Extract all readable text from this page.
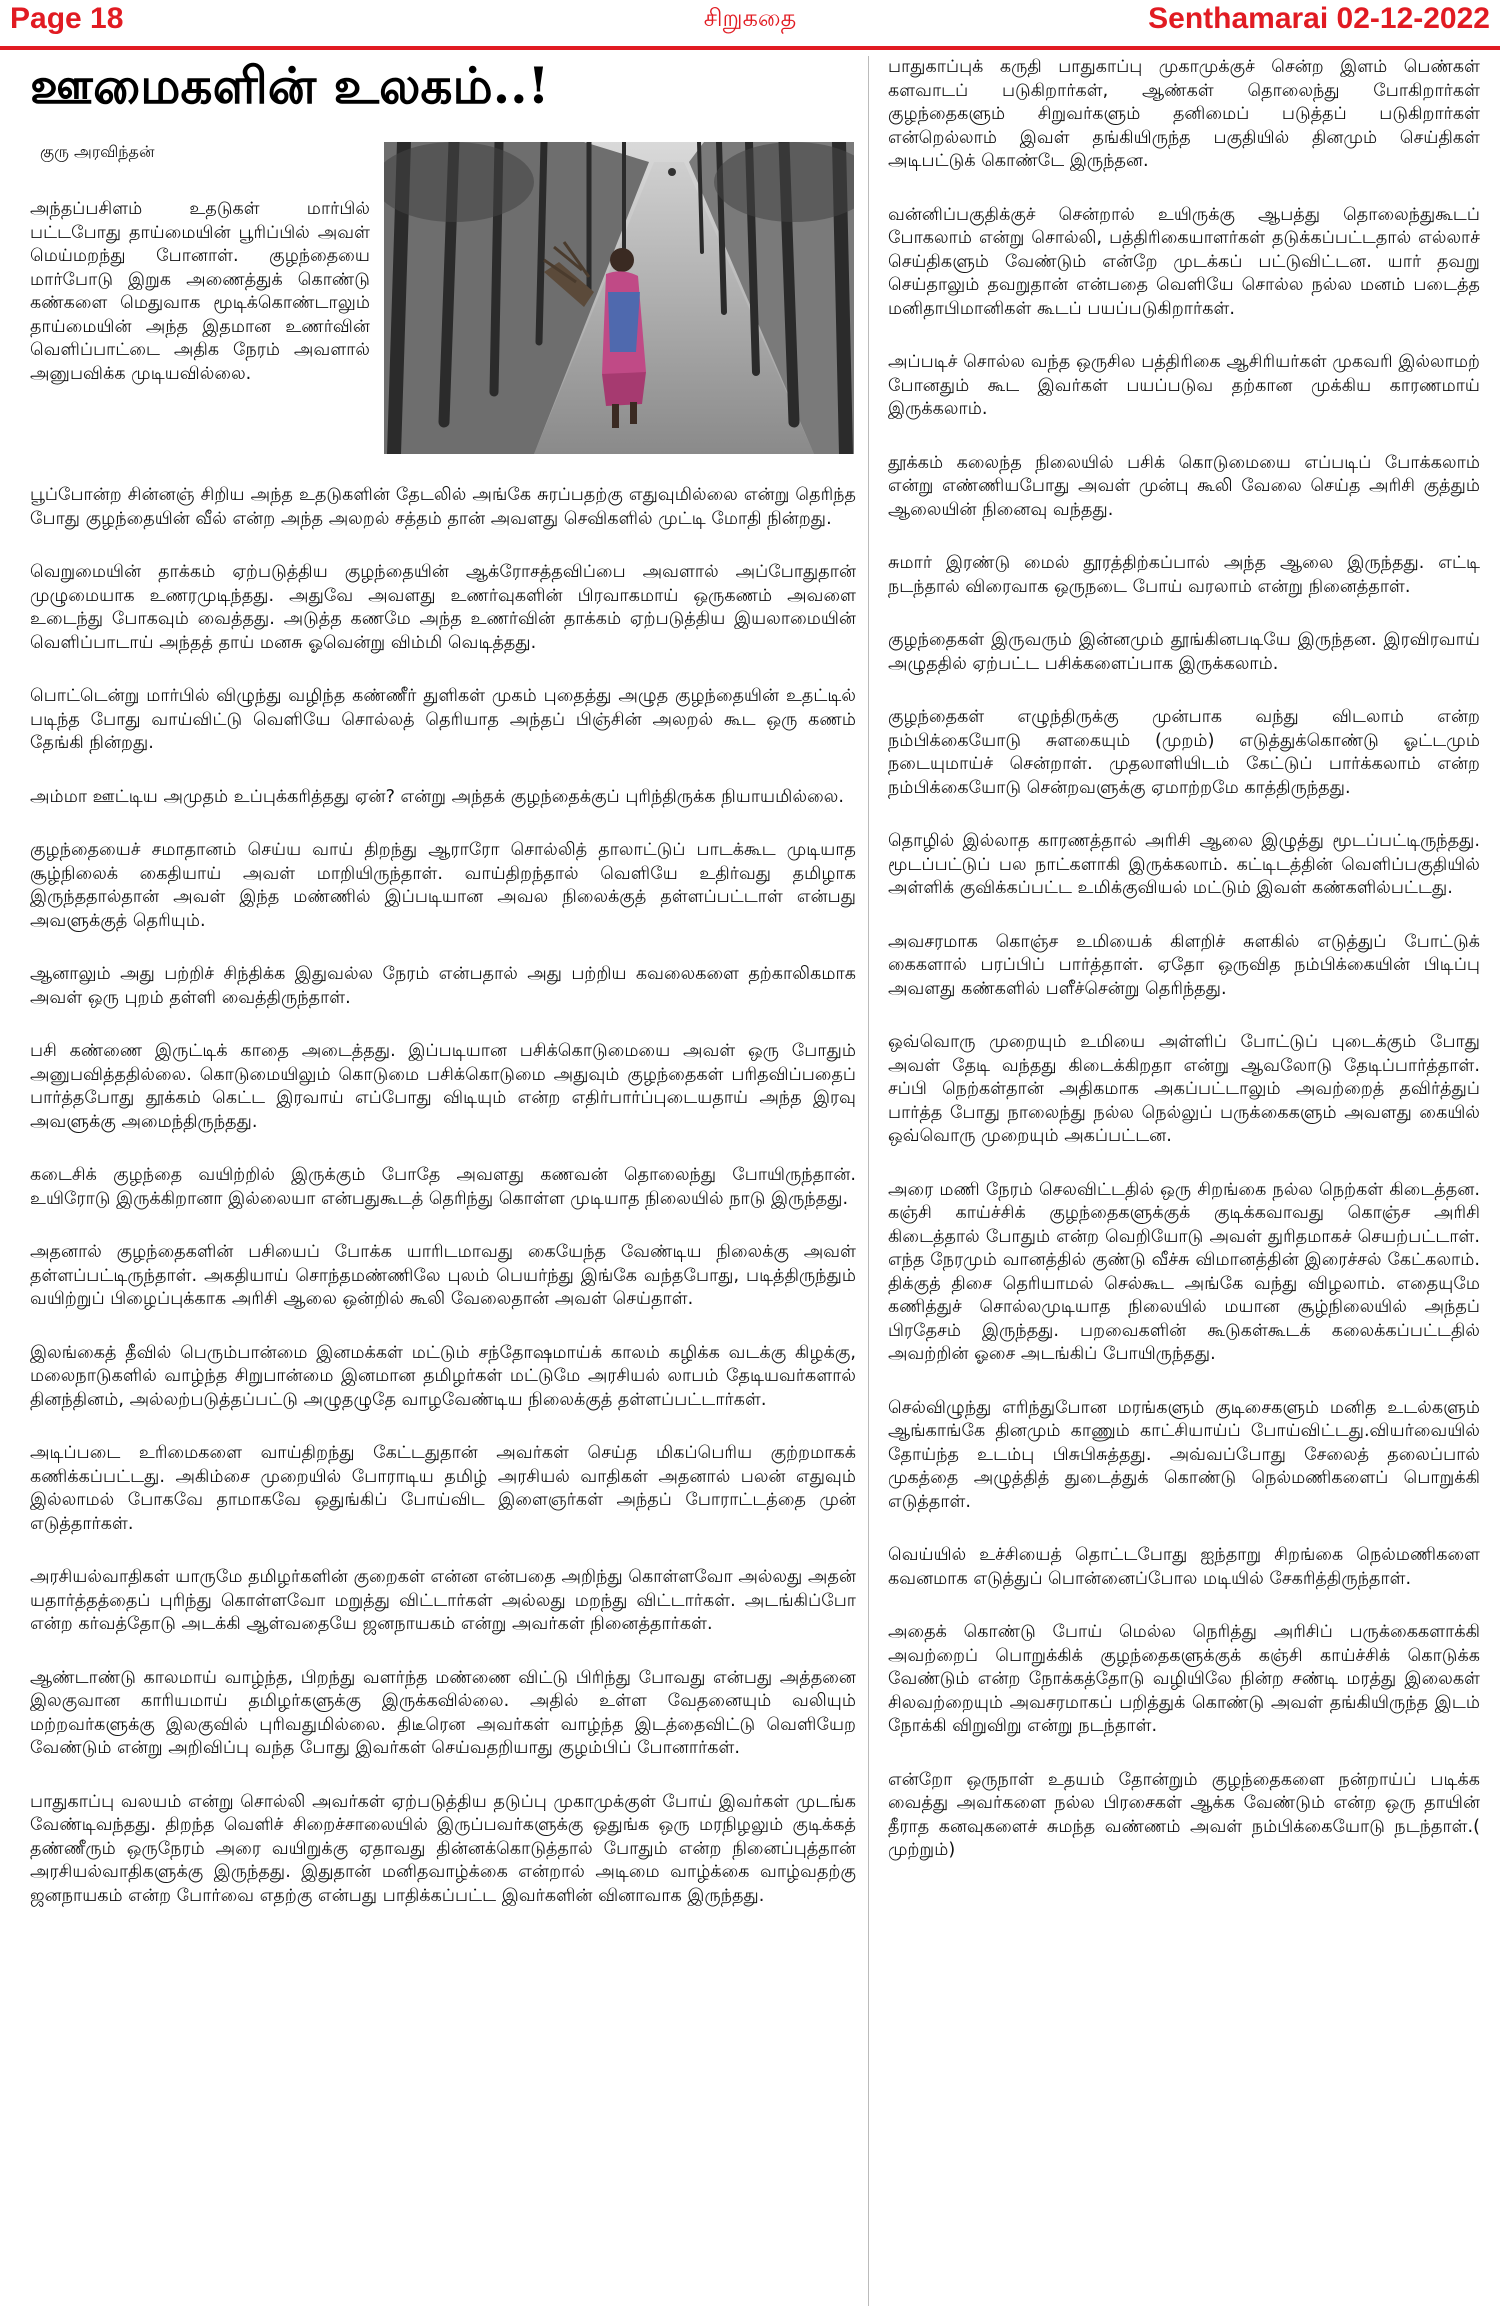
Page 18	சிறுகதை	Senthamarai 02-12-2022
ஊமைகளின் உலகம்..!
குரு அரவிந்தன்

அந்தப்பசிளம் உதடுகள் மார்பில் பட்டபோது தாய்மையின் பூரிப்பில் அவள் மெய்மறந்து போனாள். குழந்தையை மார்போடு இறுக அணைத்துக் கொண்டு கண்களை மெதுவாக மூடிக்கொண்டாலும் தாய்மையின் அந்த இதமான உணர்வின் வெளிப்பாட்டை அதிக நேரம் அவளால் அனுபவிக்க முடியவில்லை.

பூப்போன்ற சின்னஞ் சிறிய அந்த உதடுகளின் தேடலில் அங்கே சுரப்பதற்கு எதுவுமில்லை என்று தெரிந்த போது குழந்தையின் வீல் என்ற அந்த அலறல் சத்தம் தான் அவளது செவிகளில் முட்டி மோதி நின்றது.

வெறுமையின் தாக்கம் ஏற்படுத்திய குழந்தையின் ஆக்ரோசத்தவிப்பை அவளால் அப்போதுதான் முழுமையாக உணரமுடிந்தது. அதுவே அவளது உணர்வுகளின் பிரவாகமாய் ஒருகணம் அவளை உடைந்து போகவும் வைத்தது. அடுத்த கணமே அந்த உணர்வின் தாக்கம் ஏற்படுத்திய இயலாமையின் வெளிப்பாடாய் அந்தத் தாய் மனசு ஓவென்று விம்மி வெடித்தது.

பொட்டென்று மார்பில் விழுந்து வழிந்த கண்ணீர் துளிகள் முகம் புதைத்து அழுத குழந்தையின் உதட்டில் படிந்த போது வாய்விட்டு வெளியே சொல்லத் தெரியாத அந்தப் பிஞ்சின் அலறல் கூட ஒரு கணம் தேங்கி நின்றது.

அம்மா ஊட்டிய அமுதம் உப்புக்கரித்தது ஏன்? என்று அந்தக் குழந்தைக்குப் புரிந்திருக்க நியாயமில்லை.

குழந்தையைச் சமாதானம் செய்ய வாய் திறந்து ஆராரோ சொல்லித் தாலாட்டுப் பாடக்கூட முடியாத சூழ்நிலைக் கைதியாய் அவள் மாறியிருந்தாள். வாய்திறந்தால் வெளியே உதிர்வது தமிழாக இருந்ததால்தான் அவள் இந்த மண்ணில் இப்படியான அவல நிலைக்குத் தள்ளப்பட்டாள் என்பது அவளுக்குத் தெரியும்.

ஆனாலும் அது பற்றிச் சிந்திக்க இதுவல்ல நேரம் என்பதால் அது பற்றிய கவலைகளை தற்காலிகமாக அவள் ஒரு புறம் தள்ளி வைத்திருந்தாள்.

பசி கண்ணை இருட்டிக் காதை அடைத்தது. இப்படியான பசிக்கொடுமையை அவள் ஒரு போதும் அனுபவித்ததில்லை. கொடுமையிலும் கொடுமை பசிக்கொடுமை அதுவும் குழந்தைகள் பரிதவிப்பதைப் பார்த்தபோது தூக்கம் கெட்ட இரவாய் எப்போது விடியும் என்ற எதிர்பார்ப்புடையதாய் அந்த இரவு அவளுக்கு அமைந்திருந்தது.

கடைசிக் குழந்தை வயிற்றில் இருக்கும் போதே அவளது கணவன் தொலைந்து போயிருந்தான். உயிரோடு இருக்கிறானா இல்லையா என்பதுகூடத் தெரிந்து கொள்ள முடியாத நிலையில் நாடு இருந்தது.

அதனால் குழந்தைகளின் பசியைப் போக்க யாரிடமாவது கையேந்த வேண்டிய நிலைக்கு அவள் தள்ளப்பட்டிருந்தாள். அகதியாய் சொந்தமண்ணிலே புலம் பெயர்ந்து இங்கே வந்தபோது, படித்திருந்தும் வயிற்றுப் பிழைப்புக்காக அரிசி ஆலை ஒன்றில் கூலி வேலைதான் அவள் செய்தாள்.

இலங்கைத் தீவில் பெரும்பான்மை இனமக்கள் மட்டும் சந்தோஷமாய்க் காலம் கழிக்க வடக்கு கிழக்கு, மலைநாடுகளில் வாழ்ந்த சிறுபான்மை இனமான தமிழர்கள் மட்டுமே அரசியல் லாபம் தேடியவர்களால் தினந்தினம், அல்லற்படுத்தப்பட்டு அழுதழுதே வாழவேண்டிய நிலைக்குத் தள்ளப்பட்டார்கள்.

அடிப்படை உரிமைகளை வாய்திறந்து கேட்டதுதான் அவர்கள் செய்த மிகப்பெரிய குற்றமாகக் கணிக்கப்பட்டது. அகிம்சை முறையில் போராடிய தமிழ் அரசியல் வாதிகள் அதனால் பலன் எதுவும் இல்லாமல் போகவே தாமாகவே ஒதுங்கிப் போய்விட இளைஞர்கள் அந்தப் போராட்டத்தை முன் எடுத்தார்கள்.

அரசியல்வாதிகள் யாருமே தமிழர்களின் குறைகள் என்ன என்பதை அறிந்து கொள்ளவோ அல்லது அதன் யதார்த்தத்தைப் புரிந்து கொள்ளவோ மறுத்து விட்டார்கள் அல்லது மறந்து விட்டார்கள். அடங்கிப்போ என்ற கர்வத்தோடு அடக்கி ஆள்வதையே ஜனநாயகம் என்று அவர்கள் நினைத்தார்கள்.

ஆண்டாண்டு காலமாய் வாழ்ந்த, பிறந்து வளர்ந்த மண்ணை விட்டு பிரிந்து போவது என்பது அத்தனை இலகுவான காரியமாய் தமிழர்களுக்கு இருக்கவில்லை. அதில் உள்ள வேதனையும் வலியும் மற்றவர்களுக்கு இலகுவில் புரிவதுமில்லை. திடீரென அவர்கள் வாழ்ந்த இடத்தைவிட்டு வெளியேற வேண்டும் என்று அறிவிப்பு வந்த போது இவர்கள் செய்வதறியாது குழம்பிப் போனார்கள்.

பாதுகாப்பு வலயம் என்று சொல்லி அவர்கள் ஏற்படுத்திய தடுப்பு முகாமுக்குள் போய் இவர்கள் முடங்க வேண்டிவந்தது. திறந்த வெளிச் சிறைச்சாலையில் இருப்பவர்களுக்கு ஒதுங்க ஒரு மரநிழலும் குடிக்கத் தண்ணீரும் ஒருநேரம் அரை வயிறுக்கு ஏதாவது தின்னக்கொடுத்தால் போதும் என்ற நினைப்புத்தான் அரசியல்வாதிகளுக்கு இருந்தது. இதுதான் மனிதவாழ்க்கை என்றால் அடிமை வாழ்க்கை வாழ்வதற்கு ஜனநாயகம் என்ற போர்வை எதற்கு என்பது பாதிக்கப்பட்ட இவர்களின் வினாவாக இருந்தது.

பாதுகாப்புக் கருதி பாதுகாப்பு முகாமுக்குச் சென்ற இளம் பெண்கள் களவாடப் படுகிறார்கள், ஆண்கள் தொலைந்து போகிறார்கள் குழந்தைகளும் சிறுவர்களும் தனிமைப் படுத்தப் படுகிறார்கள் என்றெல்லாம் இவள் தங்கியிருந்த பகுதியில் தினமும் செய்திகள் அடிபட்டுக் கொண்டே இருந்தன.

வன்னிப்பகுதிக்குச் சென்றால் உயிருக்கு ஆபத்து தொலைந்துகூடப் போகலாம் என்று சொல்லி, பத்திரிகையாளர்கள் தடுக்கப்பட்டதால் எல்லாச் செய்திகளும் வேண்டும் என்றே முடக்கப் பட்டுவிட்டன. யார் தவறு செய்தாலும் தவறுதான் என்பதை வெளியே சொல்ல நல்ல மனம் படைத்த மனிதாபிமானிகள் கூடப் பயப்படுகிறார்கள்.

அப்படிச் சொல்ல வந்த ஒருசில பத்திரிகை ஆசிரியர்கள் முகவரி இல்லாமற் போனதும் கூட இவர்கள் பயப்படுவ தற்கான முக்கிய காரணமாய் இருக்கலாம்.

தூக்கம் கலைந்த நிலையில் பசிக் கொடுமையை எப்படிப் போக்கலாம் என்று எண்ணியபோது அவள் முன்பு கூலி வேலை செய்த அரிசி குத்தும் ஆலையின் நினைவு வந்தது.

சுமார் இரண்டு மைல் தூரத்திற்கப்பால் அந்த ஆலை இருந்தது. எட்டி நடந்தால் விரைவாக ஒருநடை போய் வரலாம் என்று நினைத்தாள்.

குழந்தைகள் இருவரும் இன்னமும் தூங்கினபடியே இருந்தன. இரவிரவாய் அழுததில் ஏற்பட்ட பசிக்களைப்பாக இருக்கலாம்.

குழந்தைகள் எழுந்திருக்கு முன்பாக வந்து விடலாம் என்ற நம்பிக்கையோடு சுளகையும் (முறம்) எடுத்துக்கொண்டு ஓட்டமும் நடையுமாய்ச் சென்றாள். முதலாளியிடம் கேட்டுப் பார்க்கலாம் என்ற நம்பிக்கையோடு சென்றவளுக்கு ஏமாற்றமே காத்திருந்தது.

தொழில் இல்லாத காரணத்தால் அரிசி ஆலை இழுத்து மூடப்பட்டிருந்தது. மூடப்பட்டுப் பல நாட்களாகி இருக்கலாம். கட்டிடத்தின் வெளிப்பகுதியில் அள்ளிக் குவிக்கப்பட்ட உமிக்குவியல் மட்டும் இவள் கண்களில்பட்டது.

அவசரமாக கொஞ்ச உமியைக் கிளறிச் சுளகில் எடுத்துப் போட்டுக் கைகளால் பரப்பிப் பார்த்தாள். ஏதோ ஒருவித நம்பிக்கையின் பிடிப்பு அவளது கண்களில் பளீச்சென்று தெரிந்தது.

ஒவ்வொரு முறையும் உமியை அள்ளிப் போட்டுப் புடைக்கும் போது அவள் தேடி வந்தது கிடைக்கிறதா என்று ஆவலோடு தேடிப்பார்த்தாள். சப்பி நெற்கள்தான் அதிகமாக அகப்பட்டாலும் அவற்றைத் தவிர்த்துப் பார்த்த போது நாலைந்து நல்ல நெல்லுப் பருக்கைகளும் அவளது கையில் ஒவ்வொரு முறையும் அகப்பட்டன.

அரை மணி நேரம் செலவிட்டதில் ஒரு சிறங்கை நல்ல நெற்கள் கிடைத்தன. கஞ்சி காய்ச்சிக் குழந்தைகளுக்குக் குடிக்கவாவது கொஞ்ச அரிசி கிடைத்தால் போதும் என்ற வெறியோடு அவள் துரிதமாகச் செயற்பட்டாள். எந்த நேரமும் வானத்தில் குண்டு வீச்சு விமானத்தின் இரைச்சல் கேட்கலாம். திக்குத் திசை தெரியாமல் செல்கூட அங்கே வந்து விழலாம். எதையுமே கணித்துச் சொல்லமுடியாத நிலையில் மயான சூழ்நிலையில் அந்தப் பிரதேசம் இருந்தது. பறவைகளின் கூடுகள்கூடக் கலைக்கப்பட்டதில் அவற்றின் ஓசை அடங்கிப் போயிருந்தது.

செல்விழுந்து எரிந்துபோன மரங்களும் குடிசைகளும் மனித உடல்களும் ஆங்காங்கே தினமும் காணும் காட்சியாய்ப் போய்விட்டது.வியர்வையில் தோய்ந்த உடம்பு பிசுபிசுத்தது. அவ்வப்போது சேலைத் தலைப்பால் முகத்தை அழுத்தித் துடைத்துக் கொண்டு நெல்மணிகளைப் பொறுக்கி எடுத்தாள்.

வெய்யில் உச்சியைத் தொட்டபோது ஐந்தாறு சிறங்கை நெல்மணிகளை கவனமாக எடுத்துப் பொன்னைப்போல மடியில் சேகரித்திருந்தாள்.

அதைக் கொண்டு போய் மெல்ல நெரித்து அரிசிப் பருக்கைகளாக்கி அவற்றைப் பொறுக்கிக் குழந்தைகளுக்குக் கஞ்சி காய்ச்சிக் கொடுக்க வேண்டும் என்ற நோக்கத்தோடு வழியிலே நின்ற சண்டி மரத்து இலைகள் சிலவற்றையும் அவசரமாகப் பறித்துக் கொண்டு அவள் தங்கியிருந்த இடம் நோக்கி விறுவிறு என்று நடந்தாள்.

என்றோ ஒருநாள் உதயம் தோன்றும் குழந்தைகளை நன்றாய்ப் படிக்க வைத்து அவர்களை நல்ல பிரசைகள் ஆக்க வேண்டும் என்ற ஒரு தாயின் தீராத கனவுகளைச் சுமந்த வண்ணம் அவள் நம்பிக்கையோடு நடந்தாள்.( முற்றும்)
